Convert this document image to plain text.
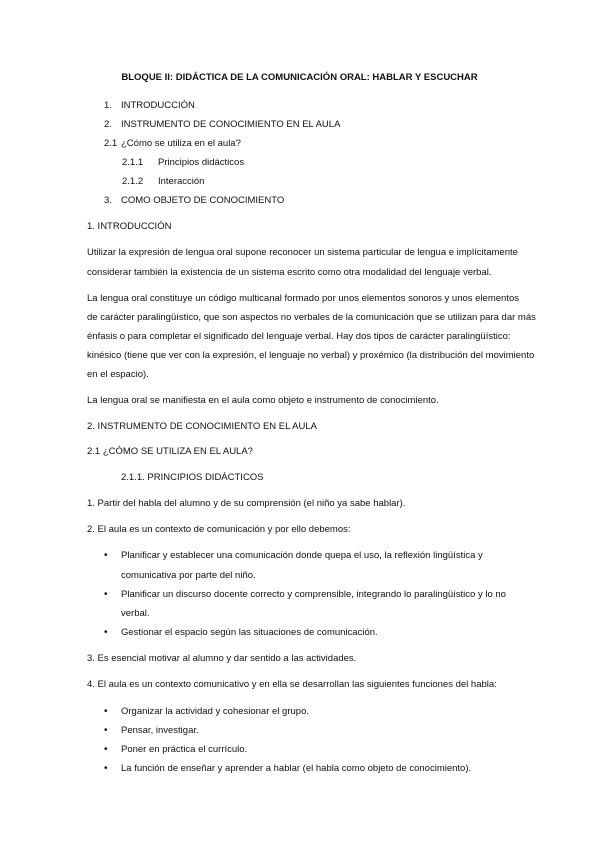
BLOQUE II: DIDÁCTICA DE LA COMUNICACIÓN ORAL: HABLAR Y ESCUCHAR
1. INTRODUCCIÓN
2. INSTRUMENTO DE CONOCIMIENTO EN EL AULA
2.1 ¿Cómo se utiliza en el aula?
2.1.1 Principios didácticos
2.1.2 Interacción
3. COMO OBJETO DE CONOCIMIENTO
1. INTRODUCCIÓN
Utilizar la expresión de lengua oral supone reconocer un sistema particular de lengua e implícitamente
considerar también la existencia de un sistema escrito como otra modalidad del lenguaje verbal.
La lengua oral constituye un código multicanal formado por unos elementos sonoros y unos elementos
de carácter paralingüístico, que son aspectos no verbales de la comunicación que se utilizan para dar más
énfasis o para completar el significado del lenguaje verbal. Hay dos tipos de carácter paralingüístico:
kinésico (tiene que ver con la expresión, el lenguaje no verbal) y proxémico (la distribución del movimiento
en el espacio).
La lengua oral se manifiesta en el aula como objeto e instrumento de conocimiento.
2. INSTRUMENTO DE CONOCIMIENTO EN EL AULA
2.1 ¿CÓMO SE UTILIZA EN EL AULA?
2.1.1. PRINCIPIOS DIDÁCTICOS
1. Partir del habla del alumno y de su comprensión (el niño ya sabe hablar).
2. El aula es un contexto de comunicación y por ello debemos:
• Planificar y establecer una comunicación donde quepa el uso, la reflexión lingüística y
comunicativa por parte del niño.
• Planificar un discurso docente correcto y comprensible, integrando lo paralingüístico y lo no
verbal.
• Gestionar el espacio según las situaciones de comunicación.
3. Es esencial motivar al alumno y dar sentido a las actividades.
4. El aula es un contexto comunicativo y en ella se desarrollan las siguientes funciones del habla:
• Organizar la actividad y cohesionar el grupo.
• Pensar, investigar.
• Poner en práctica el currículo.
• La función de enseñar y aprender a hablar (el habla como objeto de conocimiento).
